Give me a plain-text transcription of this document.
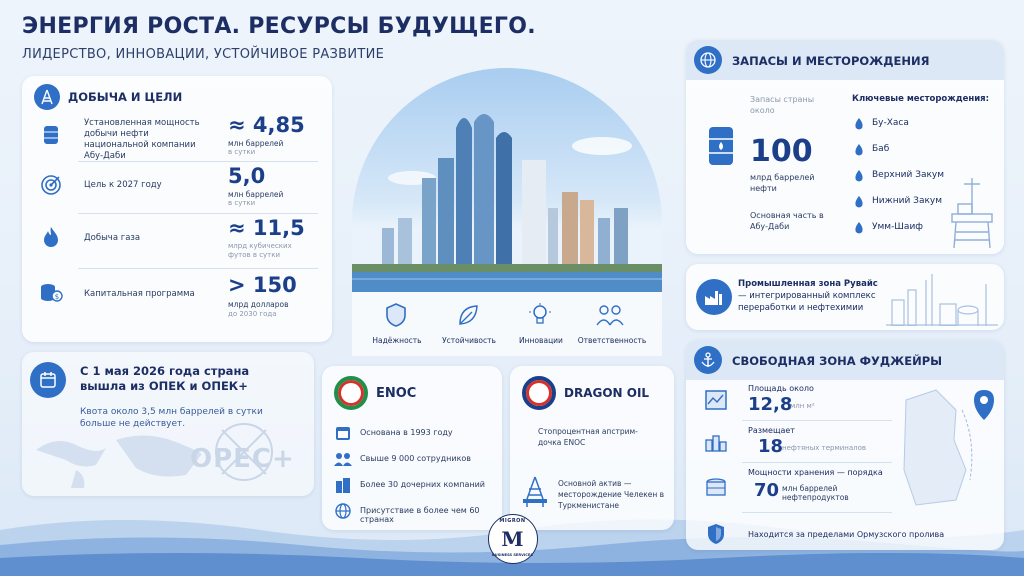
ЭНЕРГИЯ РОСТА. РЕСУРСЫ БУДУЩЕГО.
ЛИДЕРСТВО, ИННОВАЦИИ, УСТОЙЧИВОЕ РАЗВИТИЕ
ДОБЫЧА И ЦЕЛИ
Установленная мощность добычи нефти национальной компании Абу-Даби
≈ 4,85
млн баррелей
в сутки
Цель к 2027 году	5,0
млн баррелей
в сутки
Добыча газа	≈ 11,5
млрд кубических футов в сутки
$	Капитальная программа	> 150
млрд долларов
до 2030 года
С 1 мая 2026 года страна вышла из ОПЕК и ОПЕК+
Квота около 3,5 млн баррелей в сутки больше не действует.
OPEC+
Надёжность	Устойчивость	Инновации	Ответственность
ENOC
Основана в 1993 году
Свыше 9 000 сотрудников
Более 30 дочерних компаний
Присутствие в более чем 60 странах
DRAGON OIL
Стопроцентная апстрим-дочка ENOC
Основной актив — месторождение Челекен в Туркменистане
ЗАПАСЫ И МЕСТОРОЖДЕНИЯ
Запасы страны около
100
млрд баррелей нефти
Основная часть в Абу-Даби
Ключевые месторождения:
Бу-Хаса
Баб
Верхний Закум
Нижний Закум
Умм-Шаиф
Промышленная зона Рувайс — интегрированный комплекс переработки и нефтехимии
СВОБОДНАЯ ЗОНА ФУДЖЕЙРЫ
Площадь около
12,8
млн м²
Размещает
18
нефтяных терминалов
Мощности хранения — порядка
70 млн баррелей нефтепродуктов
Находится за пределами Ормузского пролива
M
MIGRON
BUSINESS SERVICES
